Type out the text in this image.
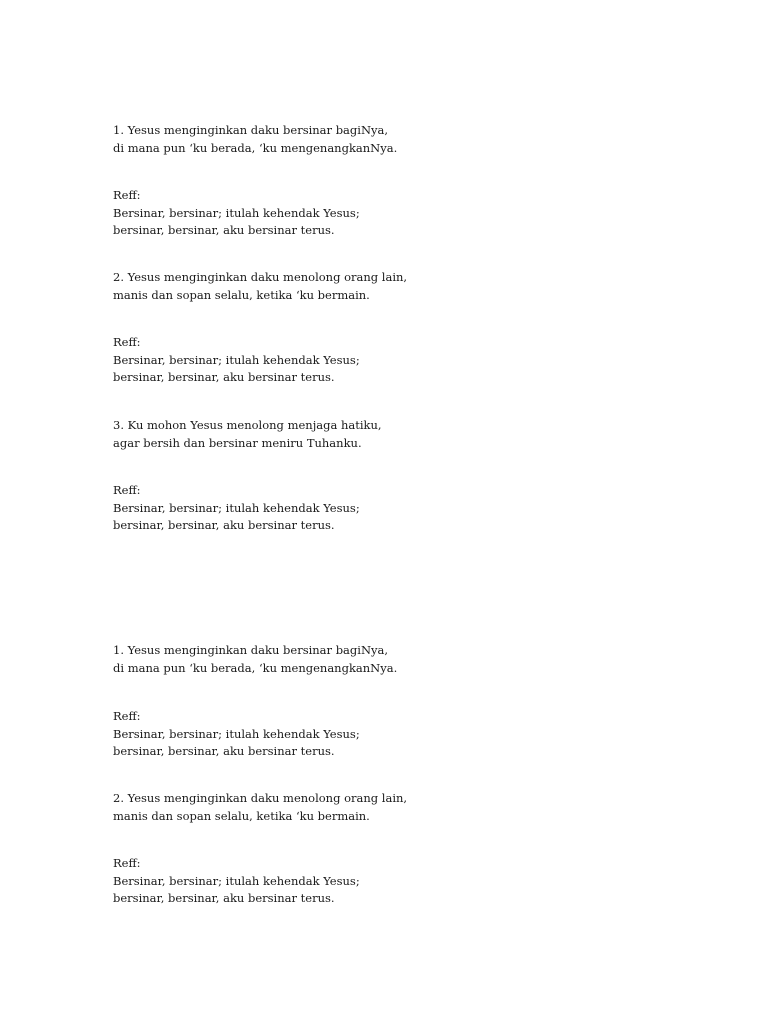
1. Yesus menginginkan daku bersinar bagiNya,
di mana pun ‘ku berada, ‘ku mengenangkanNya.
Reff:
Bersinar, bersinar; itulah kehendak Yesus;
bersinar, bersinar, aku bersinar terus.
2. Yesus menginginkan daku menolong orang lain,
manis dan sopan selalu, ketika ‘ku bermain.
Reff:
Bersinar, bersinar; itulah kehendak Yesus;
bersinar, bersinar, aku bersinar terus.
3. Ku mohon Yesus menolong menjaga hatiku,
agar bersih dan bersinar meniru Tuhanku.
Reff:
Bersinar, bersinar; itulah kehendak Yesus;
bersinar, bersinar, aku bersinar terus.
1. Yesus menginginkan daku bersinar bagiNya,
di mana pun ‘ku berada, ‘ku mengenangkanNya.
Reff:
Bersinar, bersinar; itulah kehendak Yesus;
bersinar, bersinar, aku bersinar terus.
2. Yesus menginginkan daku menolong orang lain,
manis dan sopan selalu, ketika ‘ku bermain.
Reff:
Bersinar, bersinar; itulah kehendak Yesus;
bersinar, bersinar, aku bersinar terus.
